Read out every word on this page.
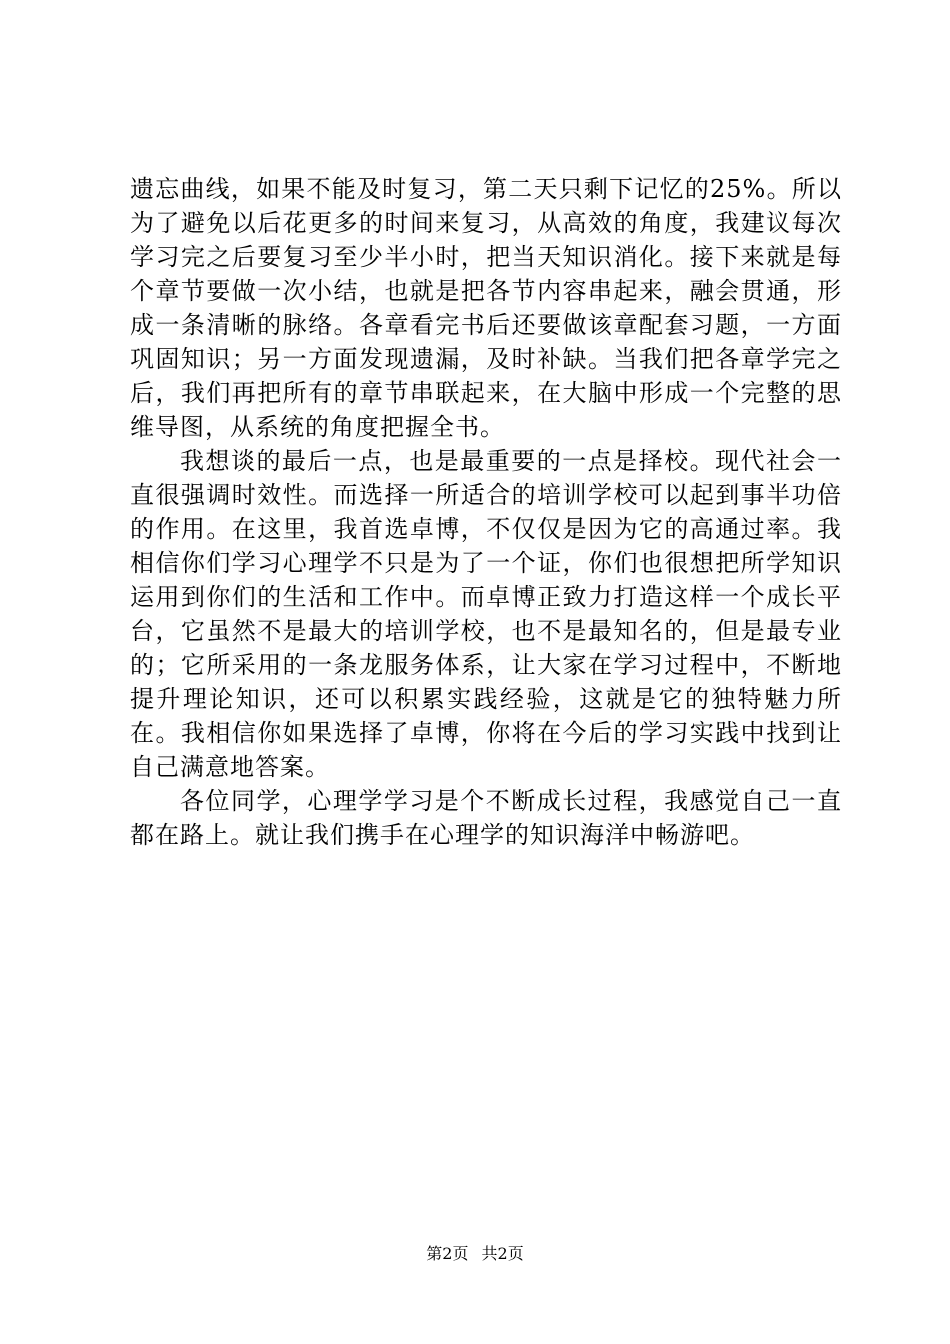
遗忘曲线，如果不能及时复习，第二天只剩下记忆的25%。所以为了避免以后花更多的时间来复习，从高效的角度，我建议每次学习完之后要复习至少半小时，把当天知识消化。接下来就是每个章节要做一次小结，也就是把各节内容串起来，融会贯通，形成一条清晰的脉络。各章看完书后还要做该章配套习题，一方面巩固知识；另一方面发现遗漏，及时补缺。当我们把各章学完之后，我们再把所有的章节串联起来，在大脑中形成一个完整的思维导图，从系统的角度把握全书。

我想谈的最后一点，也是最重要的一点是择校。现代社会一直很强调时效性。而选择一所适合的培训学校可以起到事半功倍的作用。在这里，我首选卓博，不仅仅是因为它的高通过率。我相信你们学习心理学不只是为了一个证，你们也很想把所学知识运用到你们的生活和工作中。而卓博正致力打造这样一个成长平台，它虽然不是最大的培训学校，也不是最知名的，但是最专业的；它所采用的一条龙服务体系，让大家在学习过程中，不断地提升理论知识，还可以积累实践经验，这就是它的独特魅力所在。我相信你如果选择了卓博，你将在今后的学习实践中找到让自己满意地答案。

各位同学，心理学学习是个不断成长过程，我感觉自己一直都在路上。就让我们携手在心理学的知识海洋中畅游吧。

第2页 共2页
